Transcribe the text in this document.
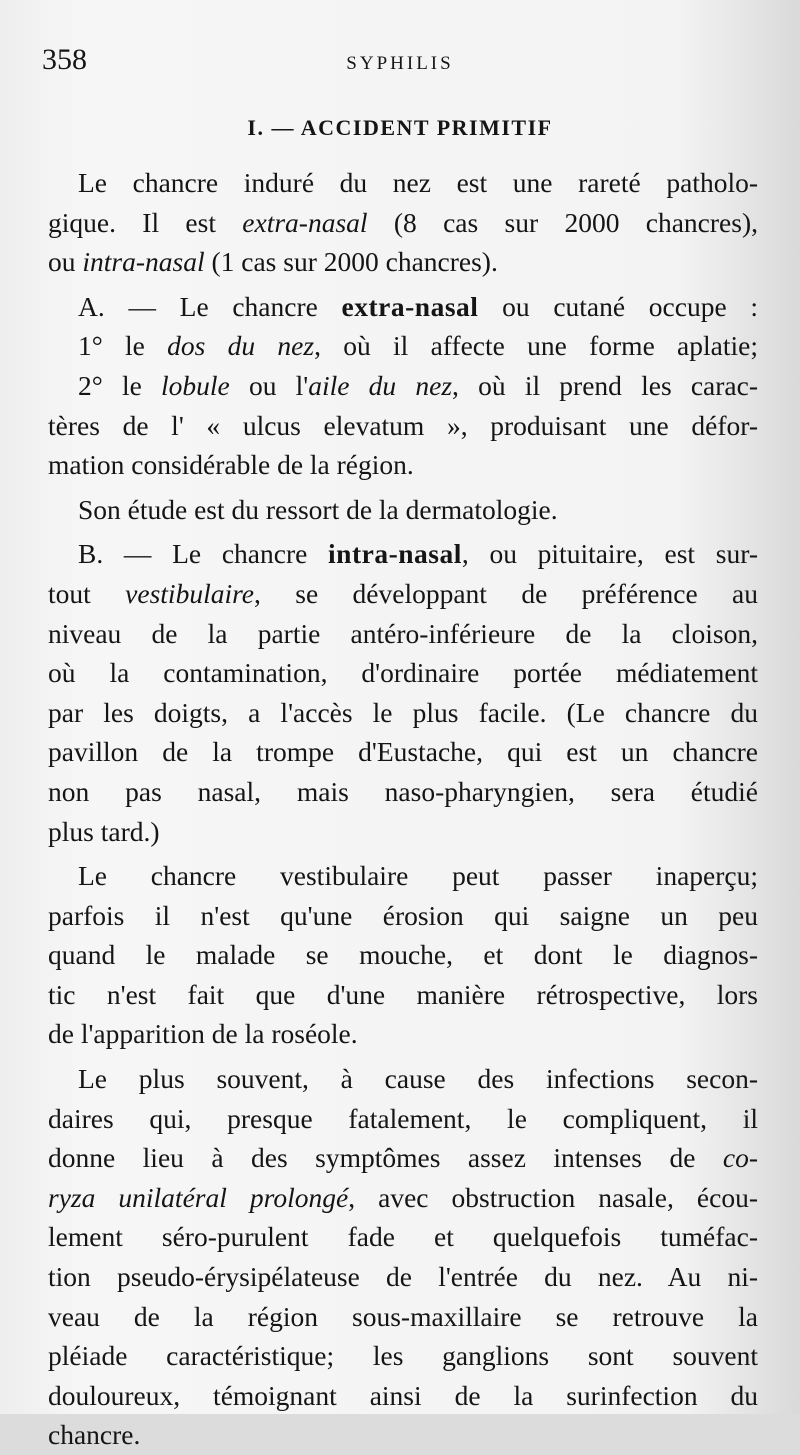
358	SYPHILIS
I. — ACCIDENT PRIMITIF
Le chancre induré du nez est une rareté patholo-
gique. Il est extra-nasal (8 cas sur 2000 chancres),
ou intra-nasal (1 cas sur 2000 chancres).
A. — Le chancre extra-nasal ou cutané occupe :
1° le dos du nez, où il affecte une forme aplatie;
2° le lobule ou l'aile du nez, où il prend les carac-
tères de l' « ulcus elevatum », produisant une défor-
mation considérable de la région.
Son étude est du ressort de la dermatologie.
B. — Le chancre intra-nasal, ou pituitaire, est sur-
tout vestibulaire, se développant de préférence au
niveau de la partie antéro-inférieure de la cloison,
où la contamination, d'ordinaire portée médiatement
par les doigts, a l'accès le plus facile. (Le chancre du
pavillon de la trompe d'Eustache, qui est un chancre
non pas nasal, mais naso-pharyngien, sera étudié
plus tard.)
Le chancre vestibulaire peut passer inaperçu;
parfois il n'est qu'une érosion qui saigne un peu
quand le malade se mouche, et dont le diagnos-
tic n'est fait que d'une manière rétrospective, lors
de l'apparition de la roséole.
Le plus souvent, à cause des infections secon-
daires qui, presque fatalement, le compliquent, il
donne lieu à des symptômes assez intenses de co-
ryza unilatéral prolongé, avec obstruction nasale, écou-
lement séro-purulent fade et quelquefois tuméfac-
tion pseudo-érysipélateuse de l'entrée du nez. Au ni-
veau de la région sous-maxillaire se retrouve la
pléiade caractéristique; les ganglions sont souvent
douloureux, témoignant ainsi de la surinfection du
chancre.
